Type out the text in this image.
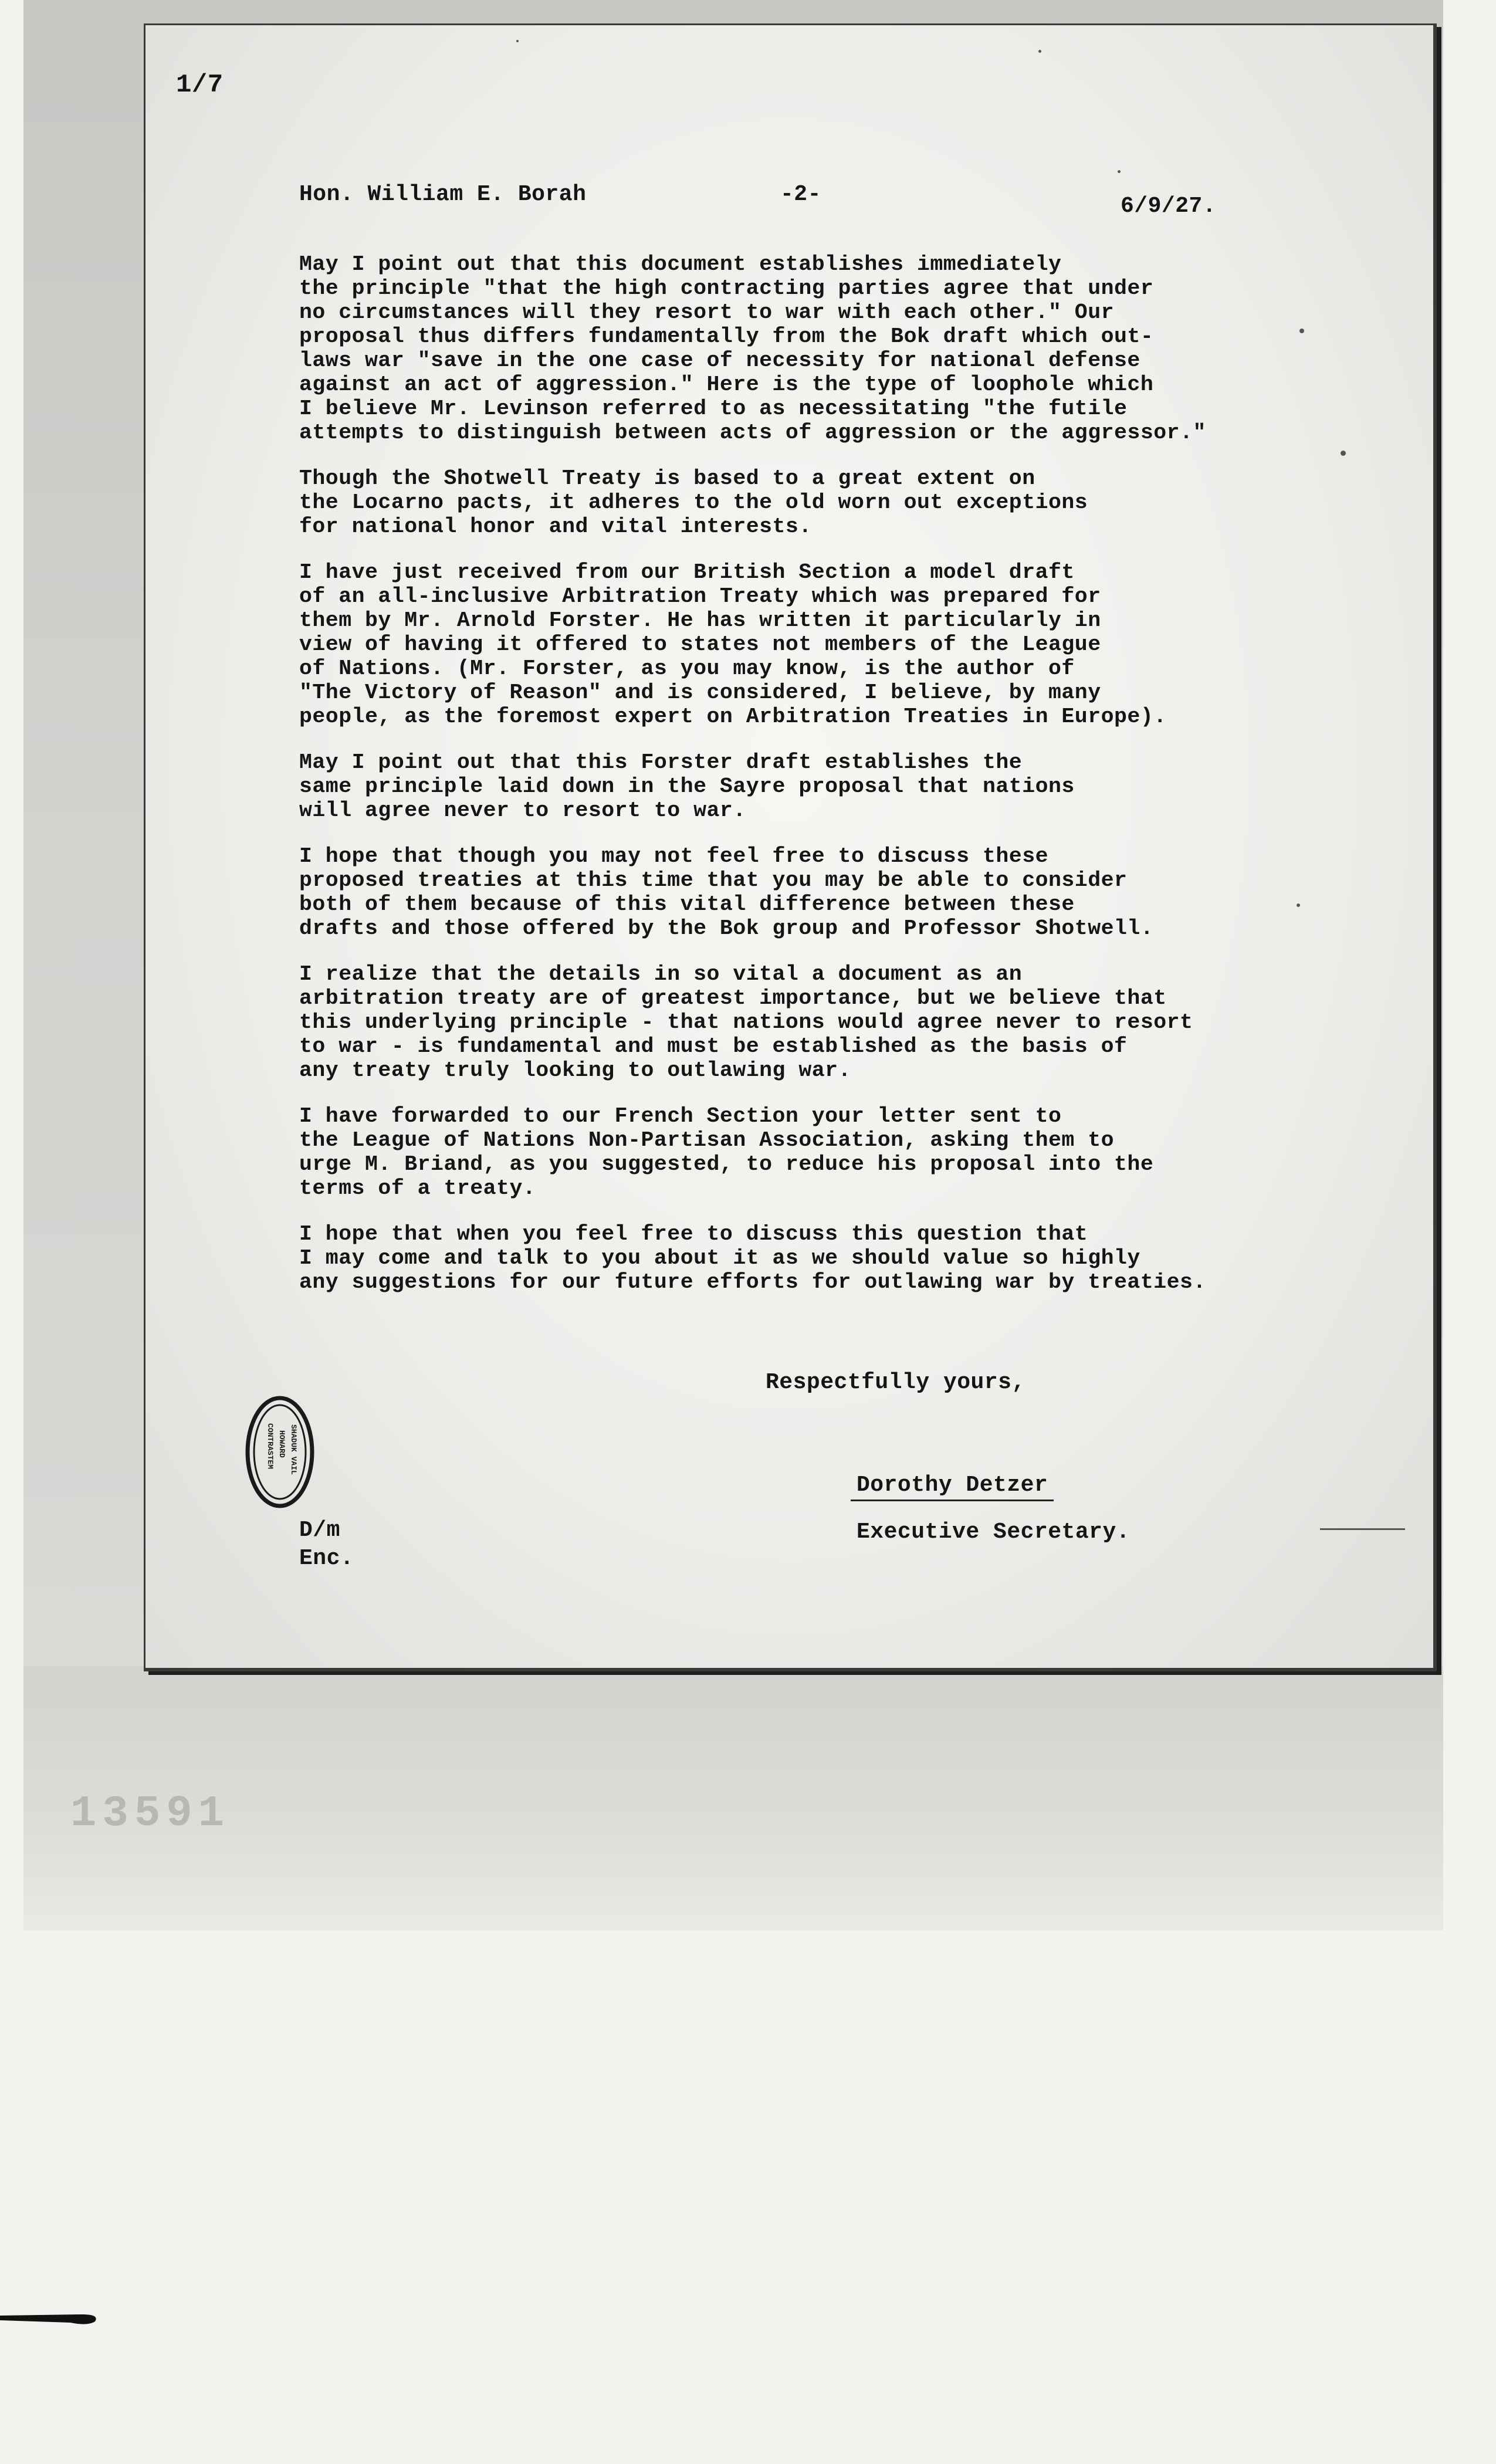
13591
1/7
Hon. William E. Borah	-2-	6/9/27.

May I point out that this document establishes immediately
the principle "that the high contracting parties agree that under
no circumstances will they resort to war with each other." Our
proposal thus differs fundamentally from the Bok draft which out-
laws war "save in the one case of necessity for national defense
against an act of aggression." Here is the type of loophole which
I believe Mr. Levinson referred to as necessitating "the futile
attempts to distinguish between acts of aggression or the aggressor."

Though the Shotwell Treaty is based to a great extent on
the Locarno pacts, it adheres to the old worn out exceptions
for national honor and vital interests.

I have just received from our British Section a model draft
of an all-inclusive Arbitration Treaty which was prepared for
them by Mr. Arnold Forster. He has written it particularly in
view of having it offered to states not members of the League
of Nations. (Mr. Forster, as you may know, is the author of
"The Victory of Reason" and is considered, I believe, by many
people, as the foremost expert on Arbitration Treaties in Europe).

May I point out that this Forster draft establishes the
same principle laid down in the Sayre proposal that nations
will agree never to resort to war.

I hope that though you may not feel free to discuss these
proposed treaties at this time that you may be able to consider
both of them because of this vital difference between these
drafts and those offered by the Bok group and Professor Shotwell.

I realize that the details in so vital a document as an
arbitration treaty are of greatest importance, but we believe that
this underlying principle - that nations would agree never to resort
to war - is fundamental and must be established as the basis of
any treaty truly looking to outlawing war.

I have forwarded to our French Section your letter sent to
the League of Nations Non-Partisan Association, asking them to
urge M. Briand, as you suggested, to reduce his proposal into the
terms of a treaty.

I hope that when you feel free to discuss this question that
I may come and talk to you about it as we should value so highly
any suggestions for our future efforts for outlawing war by treaties.

Respectfully yours,
SHADUK VAIL
HOWARD
CONTRASTEM
Dorothy Detzer
Executive Secretary.
D/m
Enc.
